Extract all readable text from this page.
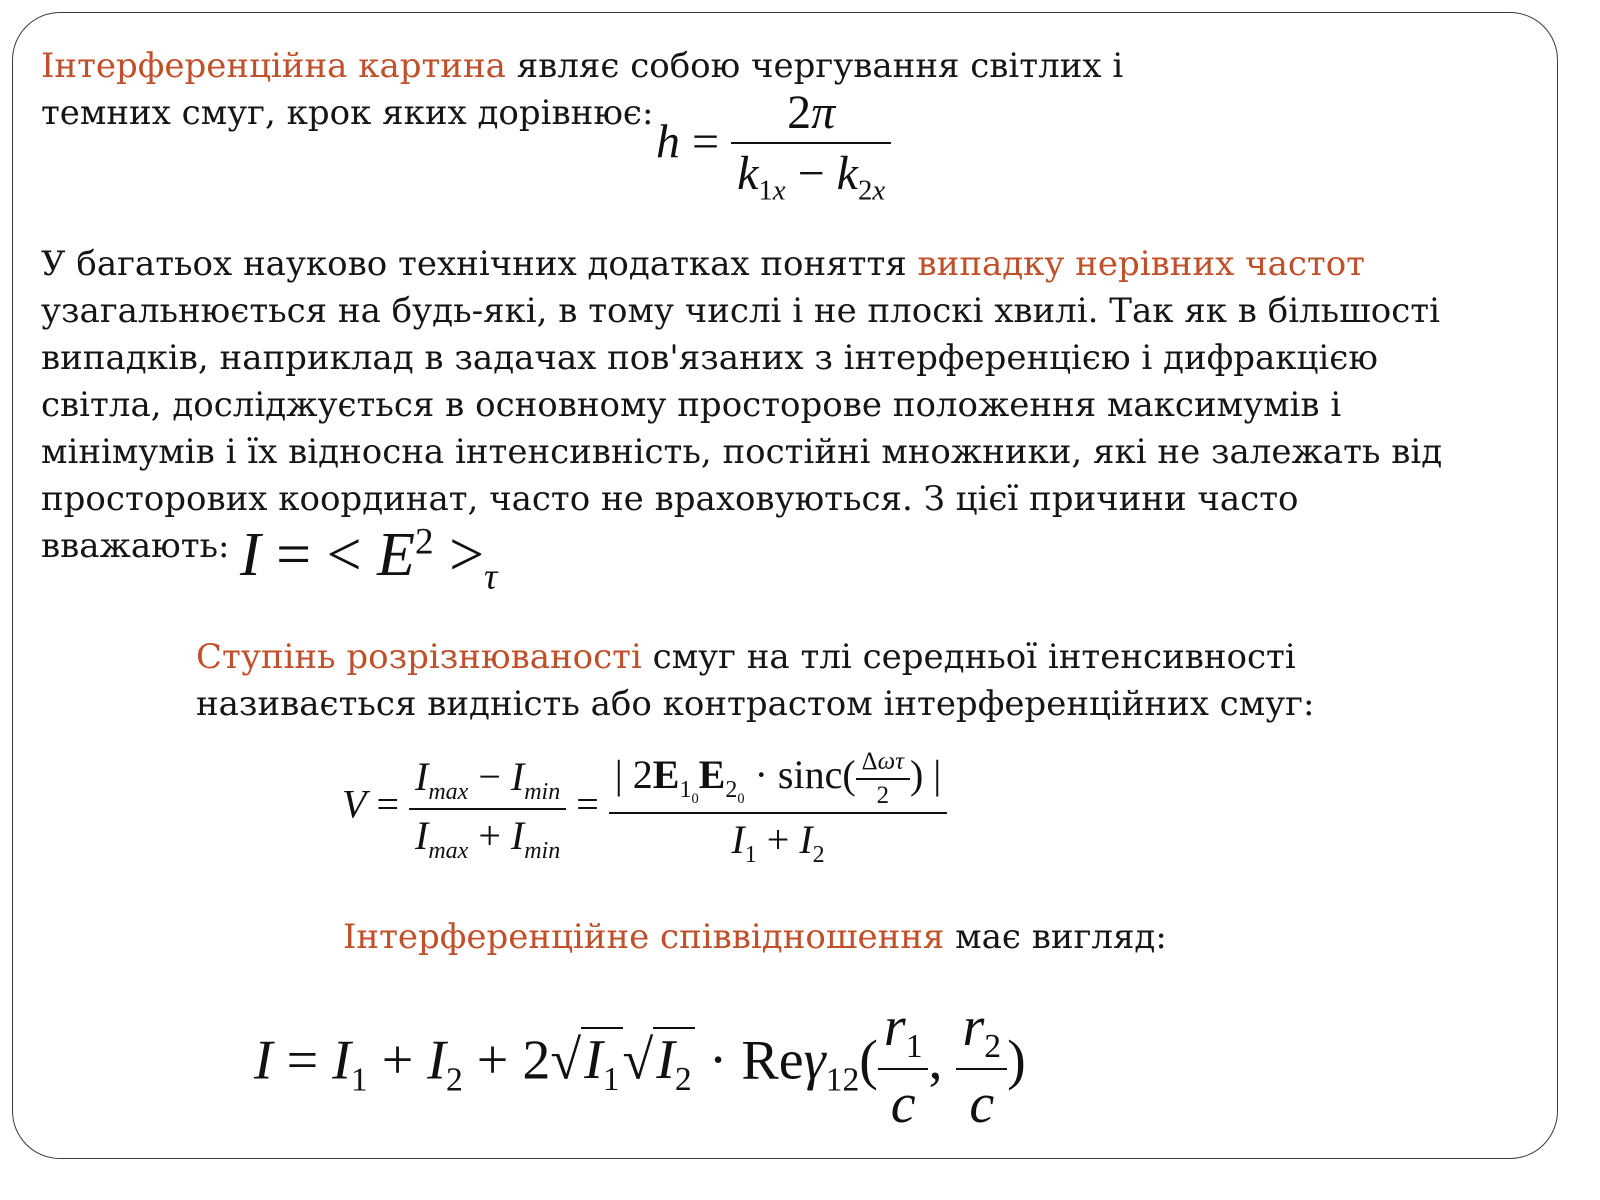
Інтерференційна картина являє собою чергування світлих і темних смуг, крок яких дорівнює:

$h = \frac{2\pi}{k_{1x} - k_{2x}}$

У багатьох науково технічних додатках поняття випадку нерівних частот узагальнюється на будь-які, в тому числі і не плоскі хвилі. Так як в більшості випадків, наприклад в задачах пов'язаних з інтерференцією і дифракцією світла, досліджується в основному просторове положення максимумів і мінімумів і їх відносна інтенсивність, постійні множники, які не залежать від просторових координат, часто не враховуються. З цієї причини часто вважають: I = < $E^2 >_\tau$

Ступінь розрізнюваності смуг на тлі середньої інтенсивності називається видність або контрастом інтерференційних смуг:

$V = \frac{I_{max} - I_{min}}{I_{max} + I_{min}} = \frac{| 2E_{1_0}E_{2_0} \cdot \sin c( \frac{\text{Δωτ}}{2} ) |}{I_1 + I_2}$

Інтерференційне співвідношення має вигляд:

$I = I_1 + I_2 + 2√I_1√I_2 \cdot Re\gamma_{12}( \frac{r_1}{c}$ , $\frac{r_2}{c}$ )
